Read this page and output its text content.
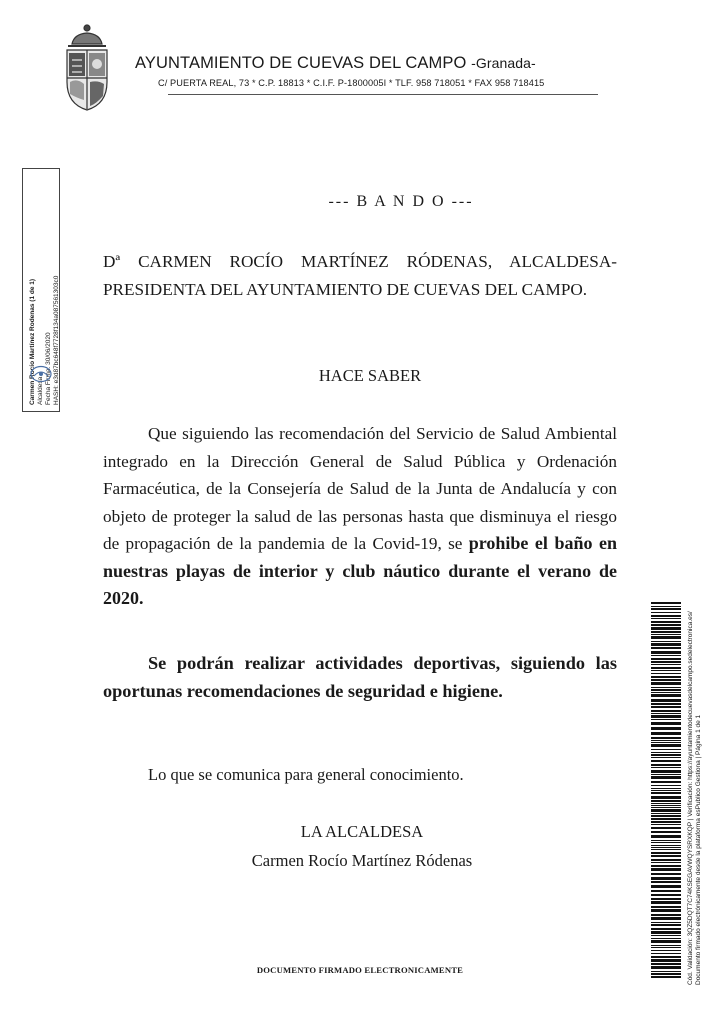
AYUNTAMIENTO DE CUEVAS DEL CAMPO -Granada-
C/ PUERTA REAL, 73 * C.P. 18813 * C.I.F. P-1800005I * TLF. 958 718051 * FAX 958 718415
Carmen Rocío Martínez Rodenas (1 de 1) Alcaldesa Fecha Firma: 30/06/2020 HASH: e3d87bc648f7728f134a087561303c0
--- B A N D O ---
Dª CARMEN ROCÍO MARTÍNEZ RÓDENAS, ALCALDESA-PRESIDENTA DEL AYUNTAMIENTO DE CUEVAS DEL CAMPO.
HACE SABER
Que siguiendo las recomendación del Servicio de Salud Ambiental integrado en la Dirección General de Salud Pública y Ordenación Farmacéutica, de la Consejería de Salud de la Junta de Andalucía y con objeto de proteger la salud de las personas hasta que disminuya el riesgo de propagación de la pandemia de la Covid-19, se prohibe el baño en nuestras playas de interior y club náutico durante el verano de 2020.
Se podrán realizar actividades deportivas, siguiendo las oportunas recomendaciones de seguridad e higiene.
Lo que se comunica para general conocimiento.
LA ALCALDESA
Carmen Rocío Martínez Ródenas
DOCUMENTO FIRMADO ELECTRONICAMENTE	Cód. Validación: 3QZ5DQT7C74KSEGAVWQYSRXKQP | Verificación: https://ayuntamientodecuevasdelcampo.sedelectronica.es/ Documento firmado electrónicamente desde la plataforma esPublico Gestiona | Página 1 de 1
